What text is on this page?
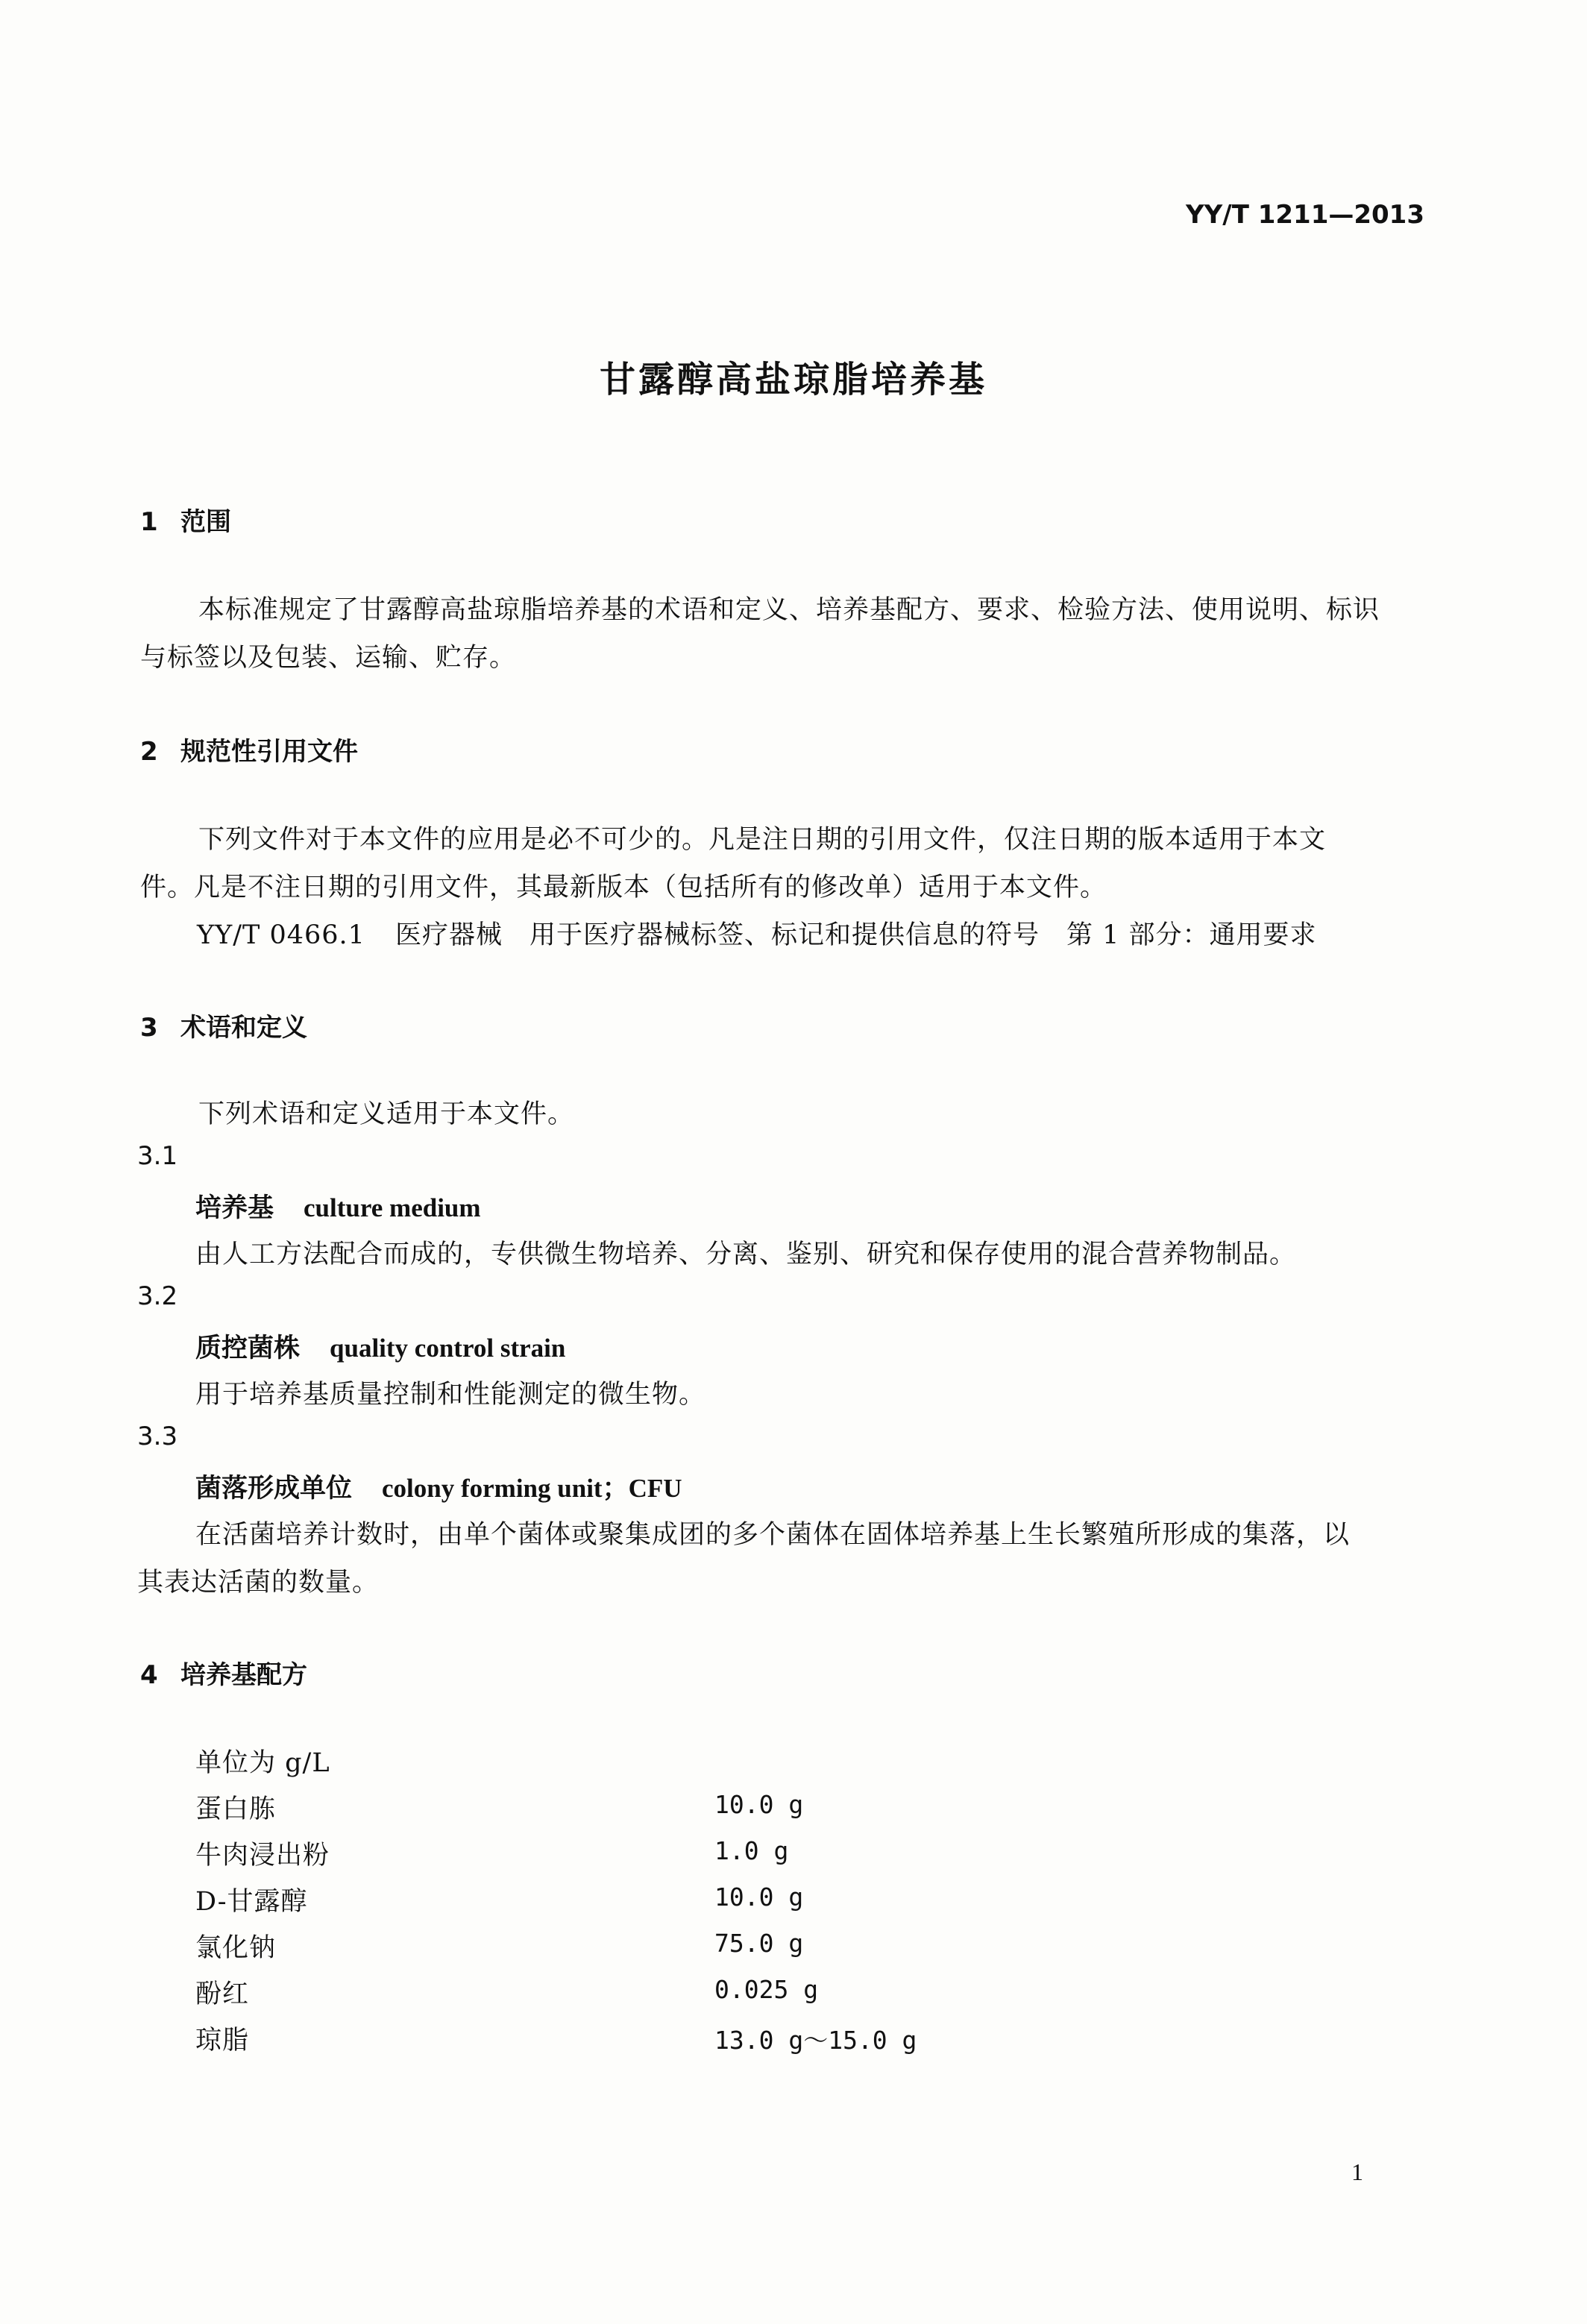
YY/T 1211—2013
甘露醇高盐琼脂培养基
1 范围
本标准规定了甘露醇高盐琼脂培养基的术语和定义、培养基配方、要求、检验方法、使用说明、标识
与标签以及包装、运输、贮存。
2 规范性引用文件
下列文件对于本文件的应用是必不可少的。凡是注日期的引用文件，仅注日期的版本适用于本文
件。凡是不注日期的引用文件，其最新版本（包括所有的修改单）适用于本文件。
YY/T 0466.1 医疗器械　用于医疗器械标签、标记和提供信息的符号　第 1 部分：通用要求
3 术语和定义
下列术语和定义适用于本文件。
3.1
培养基 culture medium
由人工方法配合而成的，专供微生物培养、分离、鉴别、研究和保存使用的混合营养物制品。
3.2
质控菌株 quality control strain
用于培养基质量控制和性能测定的微生物。
3.3
菌落形成单位 colony forming unit；CFU
在活菌培养计数时，由单个菌体或聚集成团的多个菌体在固体培养基上生长繁殖所形成的集落，以
其表达活菌的数量。
4 培养基配方
单位为 g/L
蛋白胨	10.0 g
牛肉浸出粉	1.0 g
D-甘露醇	10.0 g
氯化钠	75.0 g
酚红	0.025 g
琼脂	13.0 g～15.0 g
1
